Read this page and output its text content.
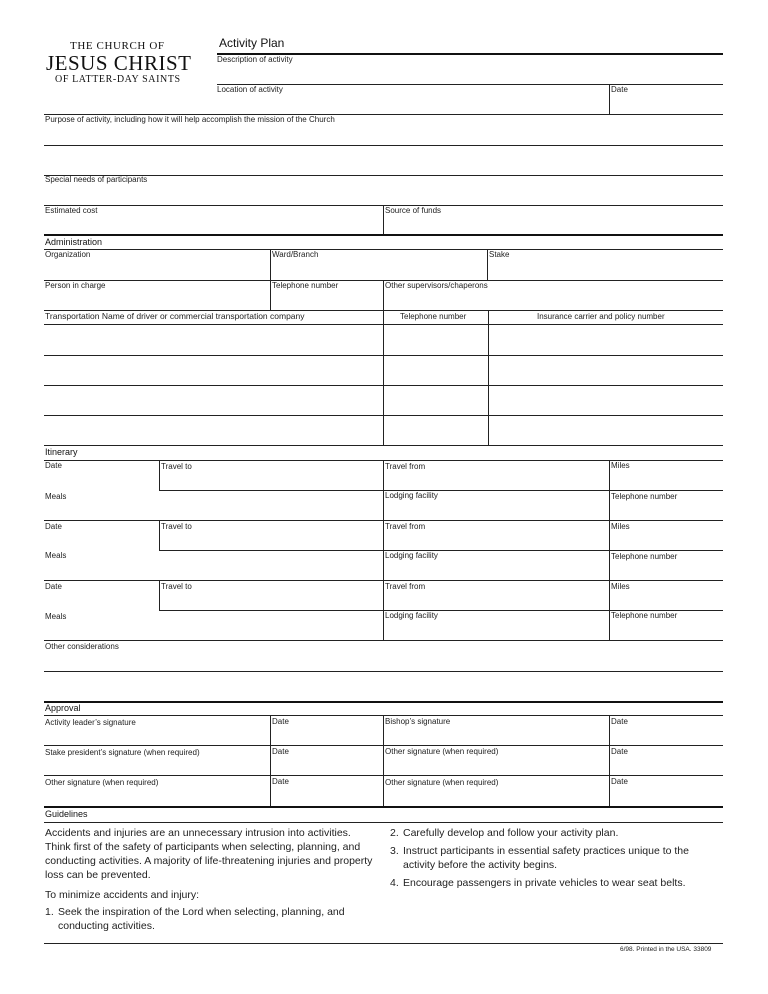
THE CHURCH OF
JESUS CHRIST
OF LATTER-DAY SAINTS
Activity Plan
Description of activity
Location of activity	Date
Purpose of activity, including how it will help accomplish the mission of the Church
Special needs of participants
Estimated cost	Source of funds
Administration
Organization	Ward/Branch	Stake
Person in charge	Telephone number	Other supervisors/chaperons
Transportation Name of driver or commercial transportation company	Telephone number	Insurance carrier and policy number
Itinerary
Date	Travel to	Travel from	Miles
Meals	Lodging facility	Telephone number
Date	Travel to	Travel from	Miles
Meals	Lodging facility	Telephone number
Date	Travel to	Travel from	Miles
Meals	Lodging facility	Telephone number
Other considerations
Approval
Activity leader’s signature	Date	Bishop’s signature	Date
Stake president’s signature (when required)	Date	Other signature (when required)	Date
Other signature (when required)	Date	Other signature (when required)	Date
Guidelines

Accidents and injuries are an unnecessary intrusion into activities. Think first of the safety of participants when selecting, planning, and conducting activities. A majority of life-threatening injuries and property loss can be prevented.

To minimize accidents and injury:

1. Seek the inspiration of the Lord when selecting, planning, and conducting activities.
2. Carefully develop and follow your activity plan.
3. Instruct participants in essential safety practices unique to the activity before the activity begins.
4. Encourage passengers in private vehicles to wear seat belts.
6/98. Printed in the USA. 33809
